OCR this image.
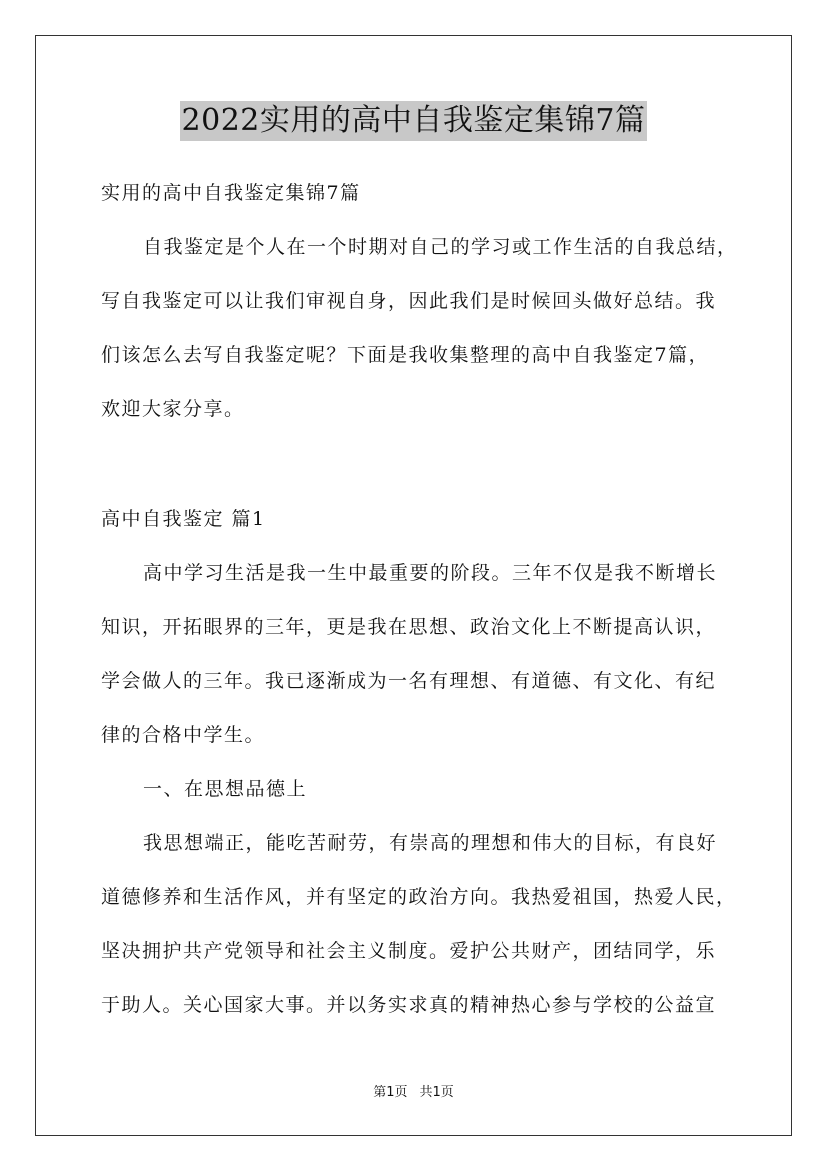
2022实用的高中自我鉴定集锦7篇
实用的高中自我鉴定集锦7篇
自我鉴定是个人在一个时期对自己的学习或工作生活的自我总结，
写自我鉴定可以让我们审视自身，因此我们是时候回头做好总结。我
们该怎么去写自我鉴定呢？下面是我收集整理的高中自我鉴定7篇，
欢迎大家分享。
高中自我鉴定 篇1
高中学习生活是我一生中最重要的阶段。三年不仅是我不断增长
知识，开拓眼界的三年，更是我在思想、政治文化上不断提高认识，
学会做人的三年。我已逐渐成为一名有理想、有道德、有文化、有纪
律的合格中学生。
一、在思想品德上
我思想端正，能吃苦耐劳，有崇高的理想和伟大的目标，有良好
道德修养和生活作风，并有坚定的政治方向。我热爱祖国，热爱人民，
坚决拥护共产党领导和社会主义制度。爱护公共财产，团结同学，乐
于助人。关心国家大事。并以务实求真的精神热心参与学校的公益宣
第1页 共1页
